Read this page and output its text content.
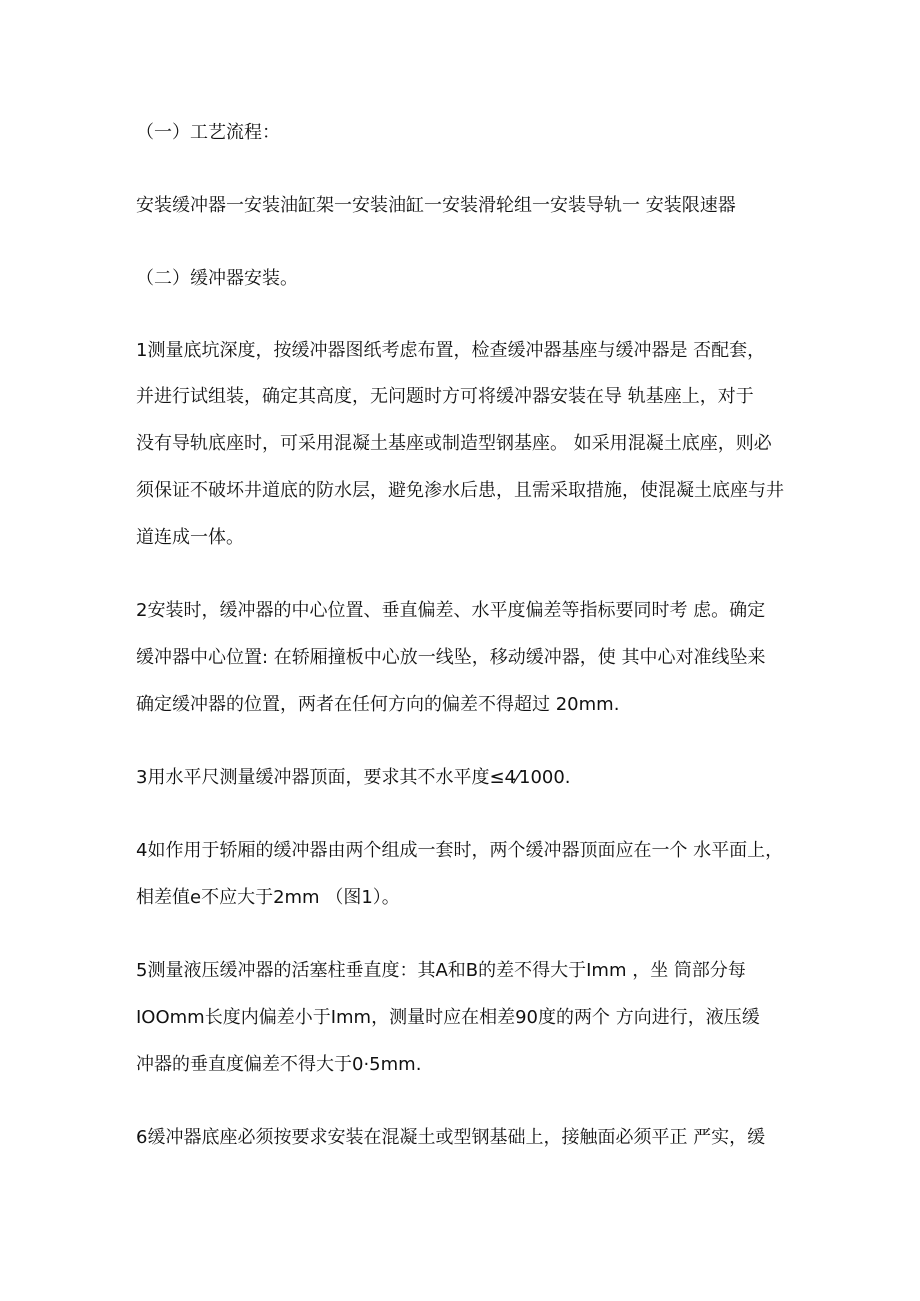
（一）工艺流程：

安装缓冲器一安装油缸架一安装油缸一安装滑轮组一安装导轨一 安装限速器

（二）缓冲器安装。

1测量底坑深度，按缓冲器图纸考虑布置，检查缓冲器基座与缓冲器是 否配套，

并进行试组装，确定其高度，无问题时方可将缓冲器安装在导 轨基座上，对于

没有导轨底座时，可采用混凝土基座或制造型钢基座。 如采用混凝土底座，则必

须保证不破坏井道底的防水层，避免渗水后患，且需采取措施，使混凝土底座与井

道连成一体。

2安装时，缓冲器的中心位置、垂直偏差、水平度偏差等指标要同时考 虑。确定

缓冲器中心位置: 在轿厢撞板中心放一线坠，移动缓冲器，使 其中心对准线坠来

确定缓冲器的位置，两者在任何方向的偏差不得超过 20mm.

3用水平尺测量缓冲器顶面，要求其不水平度≤4⁄1000.

4如作用于轿厢的缓冲器由两个组成一套时，两个缓冲器顶面应在一个 水平面上，

相差值e不应大于2mm （图1）。

5测量液压缓冲器的活塞柱垂直度：其A和B的差不得大于Imm ，坐 筒部分每

IOOmm长度内偏差小于Imm，测量时应在相差90度的两个 方向进行，液压缓

冲器的垂直度偏差不得大于0·5mm.

6缓冲器底座必须按要求安装在混凝土或型钢基础上，接触面必须平正 严实，缓
